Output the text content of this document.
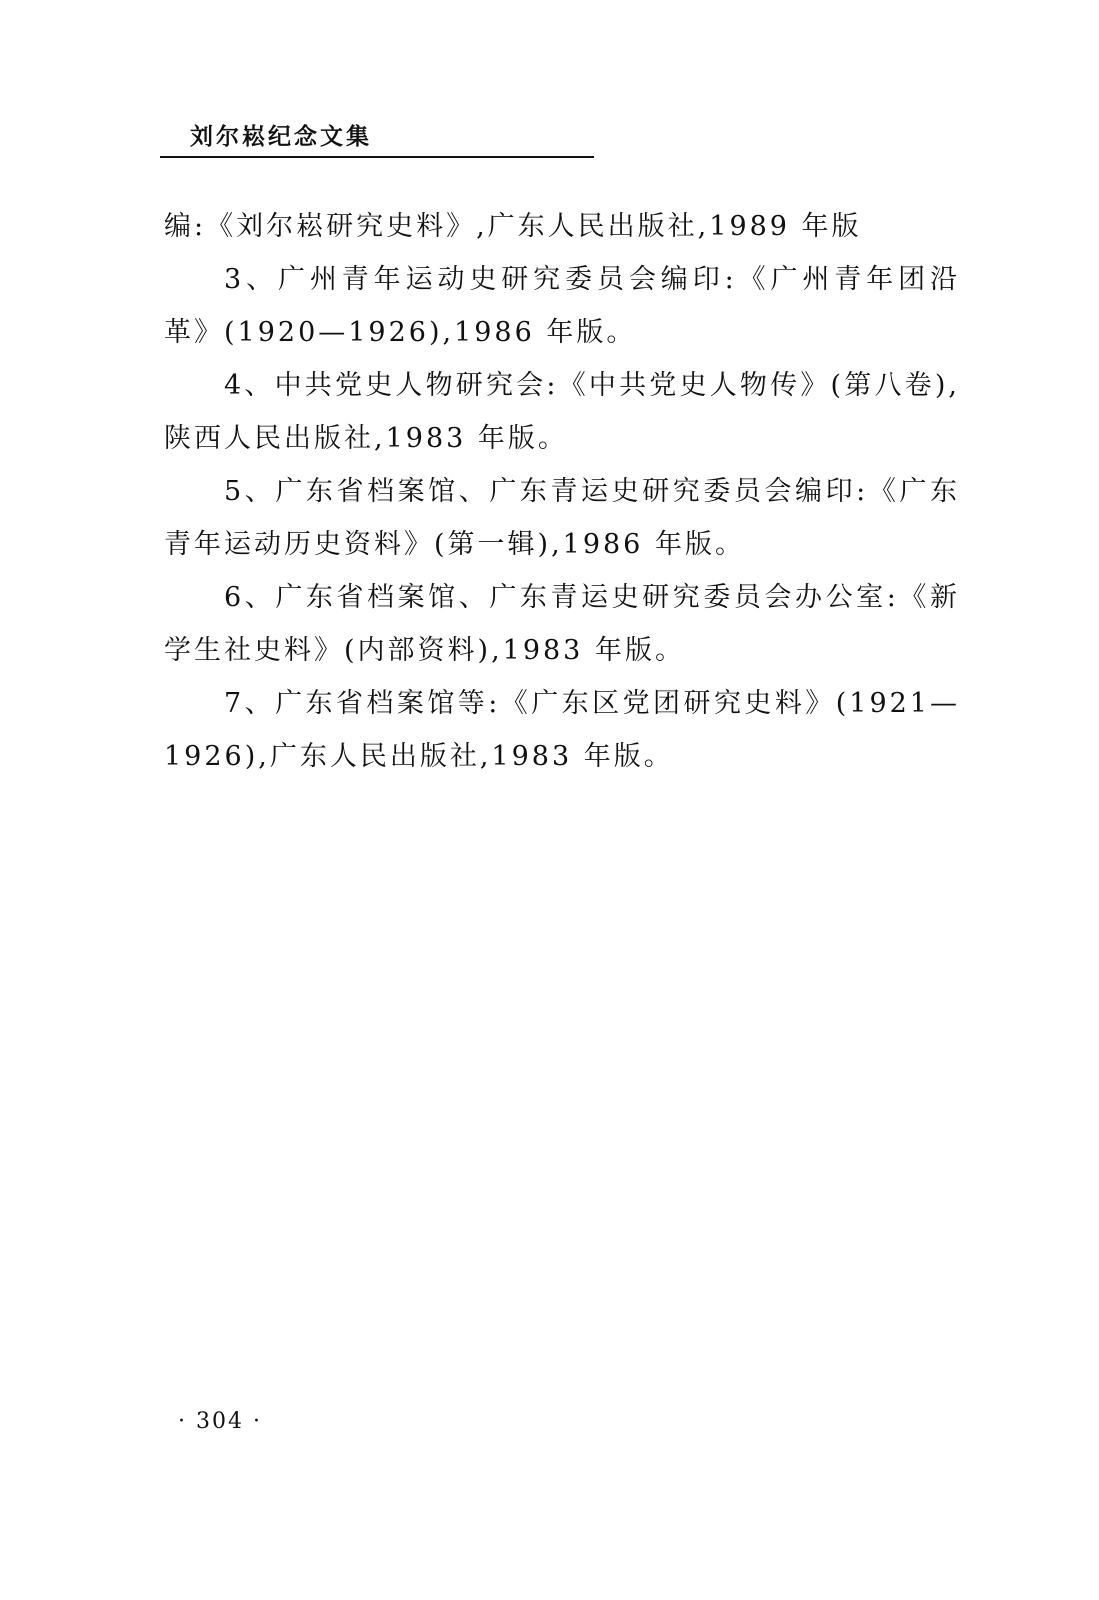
刘尔崧纪念文集

编:《刘尔崧研究史料》,广东人民出版社,1989 年版

3、广州青年运动史研究委员会编印:《广州青年团沿革》(1920—1926),1986 年版。

4、中共党史人物研究会:《中共党史人物传》(第八卷),陕西人民出版社,1983 年版。

5、广东省档案馆、广东青运史研究委员会编印:《广东青年运动历史资料》(第一辑),1986 年版。

6、广东省档案馆、广东青运史研究委员会办公室:《新学生社史料》(内部资料),1983 年版。

7、广东省档案馆等:《广东区党团研究史料》(1921—1926),广东人民出版社,1983 年版。

· 304 ·
